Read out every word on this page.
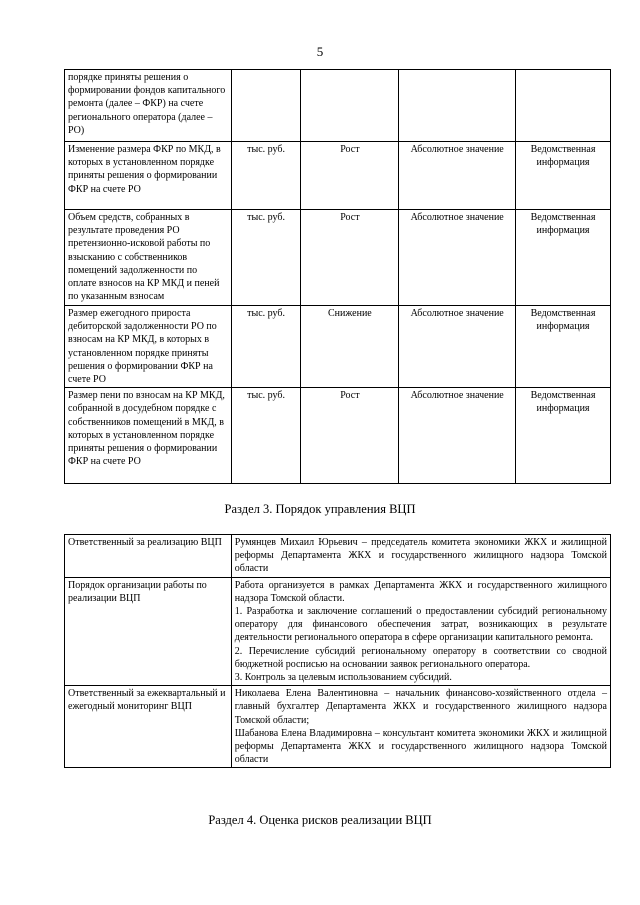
5
порядке приняты решения о формировании фондов капитального ремонта (далее – ФКР) на счете регионального оператора (далее – РО)				
Изменение размера ФКР по МКД, в которых в установленном порядке приняты решения о формировании ФКР на счете РО	тыс. руб.	Рост	Абсолютное значение	Ведомственная информация
Объем средств, собранных в результате проведения РО претензионно-исковой работы по взысканию с собственников помещений задолженности по оплате взносов на КР МКД и пеней по указанным взносам	тыс. руб.	Рост	Абсолютное значение	Ведомственная информация
Размер ежегодного прироста дебиторской задолженности РО по взносам на КР МКД, в которых в установленном порядке приняты решения о формировании ФКР на счете РО	тыс. руб.	Снижение	Абсолютное значение	Ведомственная информация
Размер пени по взносам на КР МКД, собранной в досудебном порядке с собственников помещений в МКД, в которых в установленном порядке приняты решения о формировании ФКР на счете РО	тыс. руб.	Рост	Абсолютное значение	Ведомственная информация
Раздел 3. Порядок управления ВЦП
Ответственный за реализацию ВЦП	Румянцев Михаил Юрьевич – председатель комитета экономики ЖКХ и жилищной реформы Департамента ЖКХ и государственного жилищного надзора Томской области
Порядок организации работы по реализации ВЦП	Работа организуется в рамках Департамента ЖКХ и государственного жилищного надзора Томской области.
1. Разработка и заключение соглашений о предоставлении субсидий региональному оператору для финансового обеспечения затрат, возникающих в результате деятельности регионального оператора в сфере организации капитального ремонта.
2. Перечисление субсидий региональному оператору в соответствии со сводной бюджетной росписью на основании заявок регионального оператора.
3. Контроль за целевым использованием субсидий.

Ответственный за ежеквартальный и ежегодный мониторинг ВЦП	Николаева Елена Валентиновна – начальник финансово-хозяйственного отдела – главный бухгалтер Департамента ЖКХ и государственного жилищного надзора Томской области;
Шабанова Елена Владимировна – консультант комитета экономики ЖКХ и жилищной реформы Департамента ЖКХ и государственного жилищного надзора Томской области
Раздел 4. Оценка рисков реализации ВЦП
